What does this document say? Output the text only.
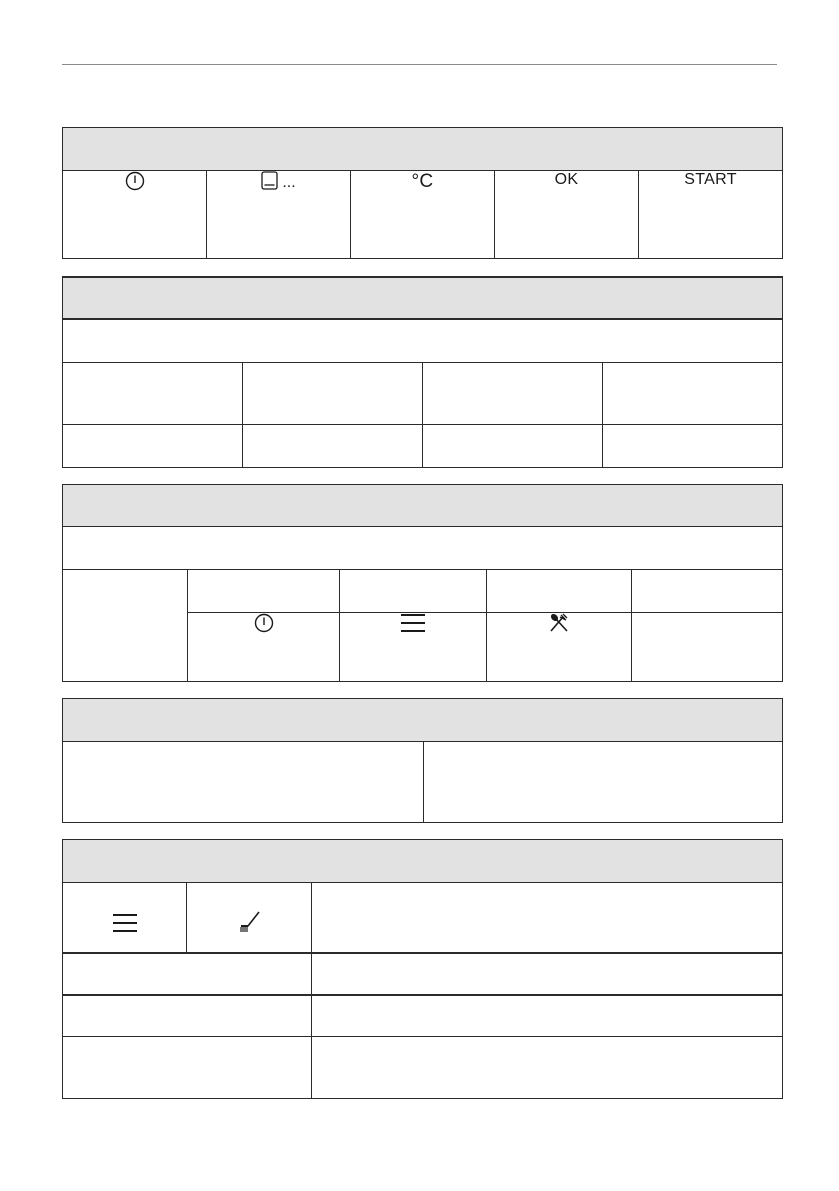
	...	°C	OK	START
